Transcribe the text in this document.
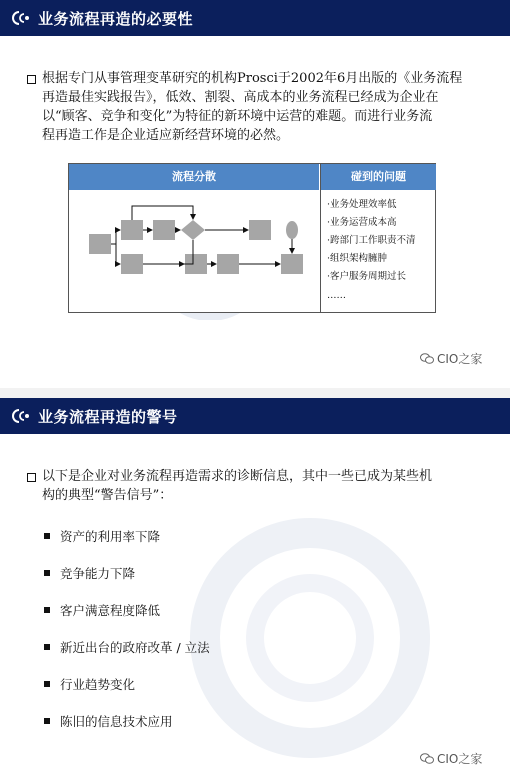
业务流程再造的必要性
根据专门从事管理变革研究的机构Prosci于2002年6月出版的《业务流程
再造最佳实践报告》，低效、割裂、高成本的业务流程已经成为企业在
以“顾客、竞争和变化”为特征的新环境中运营的难题。而进行业务流
程再造工作是企业适应新经营环境的必然。
流程分散	碰到的问题
·业务处理效率低
·业务运营成本高
·跨部门工作职责不清
·组织架构臃肿
·客户服务周期过长
……
CIO之家
业务流程再造的警号
以下是企业对业务流程再造需求的诊断信息，其中一些已成为某些机
构的典型“警告信号”：
资产的利用率下降
竞争能力下降
客户满意程度降低
新近出台的政府改革 / 立法
行业趋势变化
陈旧的信息技术应用
CIO之家
